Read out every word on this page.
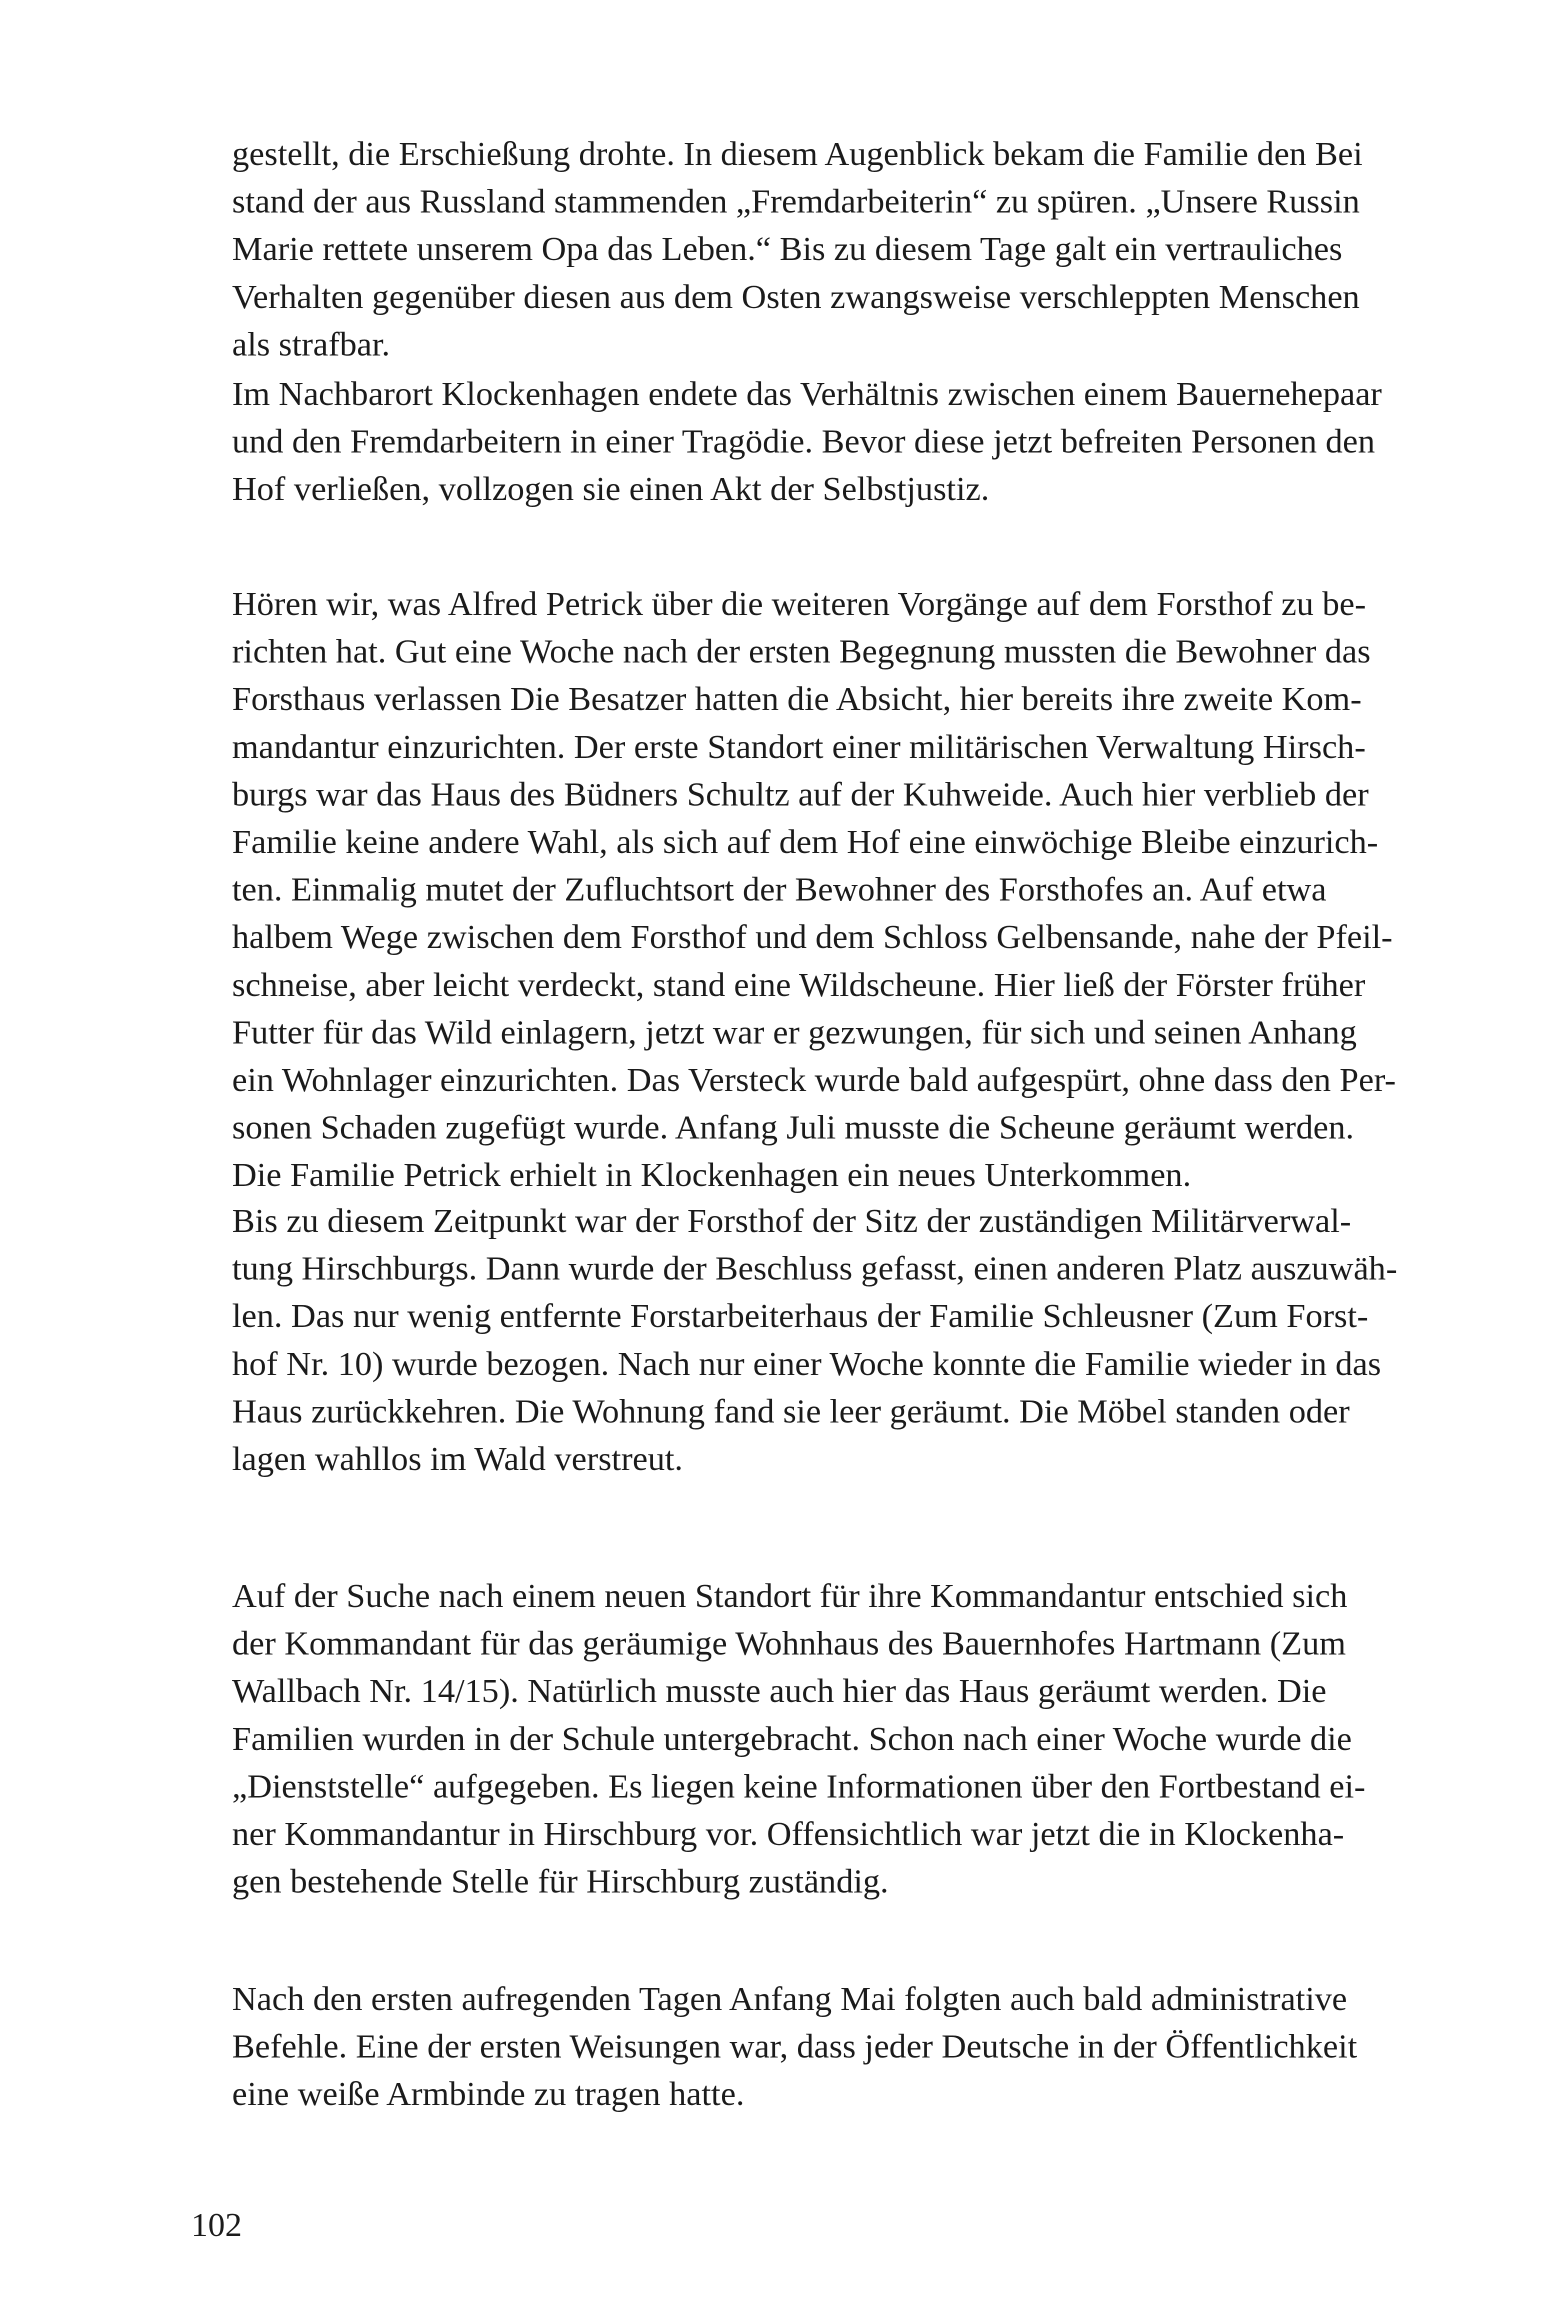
gestellt, die Erschießung drohte. In diesem Augenblick bekam die Familie den Bei
stand der aus Russland stammenden „Fremdarbeiterin“ zu spüren. „Unsere Russin
Marie rettete unserem Opa das Leben.“ Bis zu diesem Tage galt ein vertrauliches
Verhalten gegenüber diesen aus dem Osten zwangsweise verschleppten Menschen
als strafbar.
Im Nachbarort Klockenhagen endete das Verhältnis zwischen einem Bauernehepaar
und den Fremdarbeitern in einer Tragödie. Bevor diese jetzt befreiten Personen den
Hof verließen, vollzogen sie einen Akt der Selbstjustiz.
Hören wir, was Alfred Petrick über die weiteren Vorgänge auf dem Forsthof zu be-
richten hat. Gut eine Woche nach der ersten Begegnung mussten die Bewohner das
Forsthaus verlassen Die Besatzer hatten die Absicht, hier bereits ihre zweite Kom-
mandantur einzurichten. Der erste Standort einer militärischen Verwaltung Hirsch-
burgs war das Haus des Büdners Schultz auf der Kuhweide. Auch hier verblieb der
Familie keine andere Wahl, als sich auf dem Hof eine einwöchige Bleibe einzurich-
ten. Einmalig mutet der Zufluchtsort der Bewohner des Forsthofes an. Auf etwa
halbem Wege zwischen dem Forsthof und dem Schloss Gelbensande, nahe der Pfeil-
schneise, aber leicht verdeckt, stand eine Wildscheune. Hier ließ der Förster früher
Futter für das Wild einlagern, jetzt war er gezwungen, für sich und seinen Anhang
ein Wohnlager einzurichten. Das Versteck wurde bald aufgespürt, ohne dass den Per-
sonen Schaden zugefügt wurde. Anfang Juli musste die Scheune geräumt werden.
Die Familie Petrick erhielt in Klockenhagen ein neues Unterkommen.
Bis zu diesem Zeitpunkt war der Forsthof der Sitz der zuständigen Militärverwal-
tung Hirschburgs. Dann wurde der Beschluss gefasst, einen anderen Platz auszuwäh-
len. Das nur wenig entfernte Forstarbeiterhaus der Familie Schleusner (Zum Forst-
hof Nr. 10) wurde bezogen. Nach nur einer Woche konnte die Familie wieder in das
Haus zurückkehren. Die Wohnung fand sie leer geräumt. Die Möbel standen oder
lagen wahllos im Wald verstreut.
Auf der Suche nach einem neuen Standort für ihre Kommandantur entschied sich
der Kommandant für das geräumige Wohnhaus des Bauernhofes Hartmann (Zum
Wallbach Nr. 14/15). Natürlich musste auch hier das Haus geräumt werden. Die
Familien wurden in der Schule untergebracht. Schon nach einer Woche wurde die
„Dienststelle“ aufgegeben. Es liegen keine Informationen über den Fortbestand ei-
ner Kommandantur in Hirschburg vor. Offensichtlich war jetzt die in Klockenha-
gen bestehende Stelle für Hirschburg zuständig.
Nach den ersten aufregenden Tagen Anfang Mai folgten auch bald administrative
Befehle. Eine der ersten Weisungen war, dass jeder Deutsche in der Öffentlichkeit
eine weiße Armbinde zu tragen hatte.
102
